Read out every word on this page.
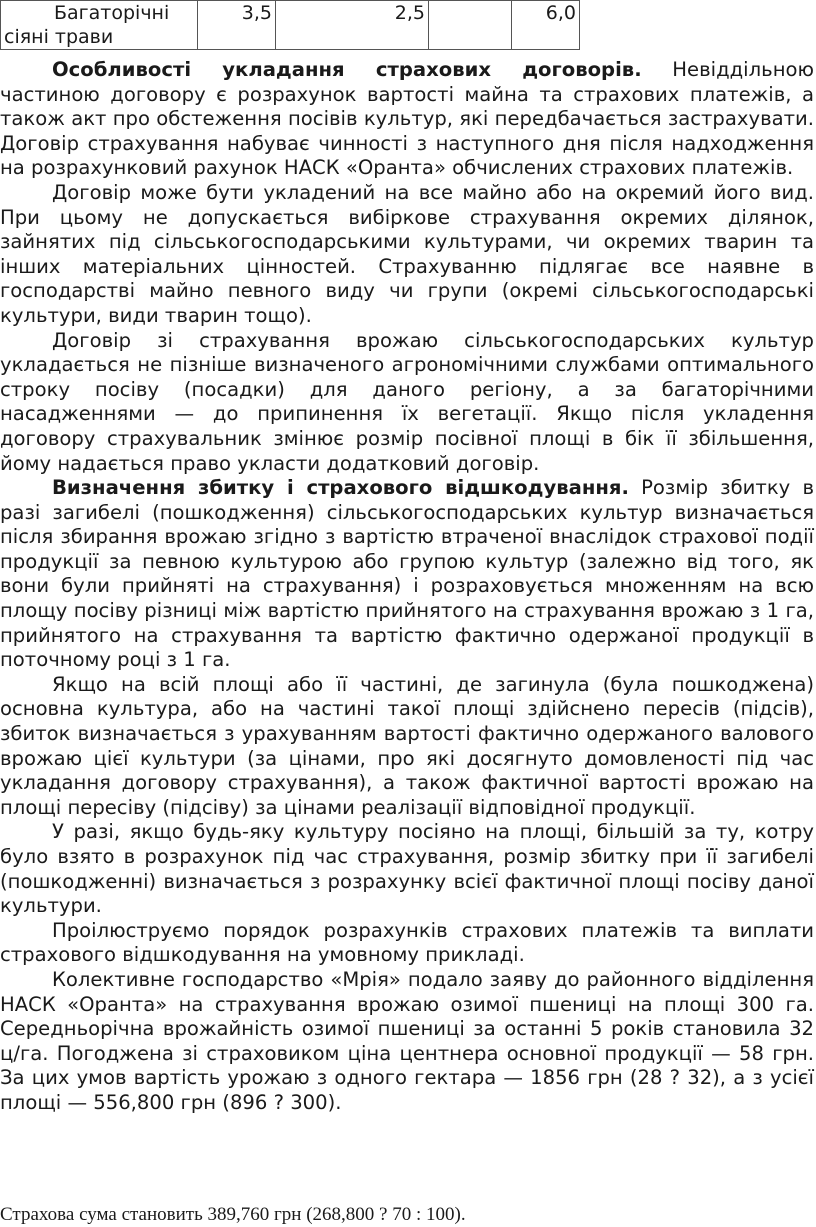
Багаторічні
сіяні трави
	3,5	2,5		6,0

Особливості укладання страхових договорів. Невіддільною частиною договору є розрахунок вартості майна та страхових платежів, а також акт про обстеження посівів культур, які передбачається застрахувати. Договір страхування набуває чинності з наступного дня після надходження на розрахунковий рахунок НАСК «Оранта» обчислених страхових платежів.

Договір може бути укладений на все майно або на окремий його вид. При цьому не допускається вибіркове страхування окремих ділянок, зайнятих під сільськогосподарськими культурами, чи окремих тварин та інших матеріальних цінностей. Страхуванню підлягає все наявне в господарстві майно певного виду чи групи (окремі сільськогосподарські культури, види тварин тощо).

Договір зі страхування врожаю сільськогосподарських культур укладається не пізніше визначеного агрономічними службами оптимального строку посіву (посадки) для даного регіону, а за багаторічними насадженнями — до припинення їх вегетації. Якщо після укладення договору страхувальник змінює розмір посівної площі в бік її збільшення, йому надається право укласти додатковий договір.

Визначення збитку і страхового відшкодування. Розмір збитку в разі загибелі (пошкодження) сільськогосподарських культур визначається після збирання врожаю згідно з вартістю втраченої внаслідок страхової події продукції за певною культурою або групою культур (залежно від того, як вони були прийняті на страхування) і розраховується множенням на всю площу посіву різниці між вартістю прийнятого на страхування врожаю з 1 га, прийнятого на страхування та вартістю фактично одержаної продукції в поточному році з 1 га.

Якщо на всій площі або її частині, де загинула (була пошкоджена) основна культура, або на частині такої площі здійснено пересів (підсів), збиток визначається з урахуванням вартості фактично одержаного валового врожаю цієї культури (за цінами, про які досягнуто домовленості під час укладання договору страхування), а також фактичної вартості врожаю на площі пересіву (підсіву) за цінами реалізації відповідної продукції.

У разі, якщо будь-яку культуру посіяно на площі, більшій за ту, котру було взято в розрахунок під час страхування, розмір збитку при її загибелі (пошкодженні) визначається з розрахунку всієї фактичної площі посіву даної культури.

Проілюструємо порядок розрахунків страхових платежів та виплати страхового відшкодування на умовному прикладі.

Колективне господарство «Мрія» подало заяву до районного відділення НАСК «Оранта» на страхування врожаю озимої пшениці на площі 300 га. Середньорічна врожайність озимої пшениці за останні 5 років становила 32 ц/га. Погоджена зі страховиком ціна центнера основної продукції — 58 грн. За цих умов вартість урожаю з одного гектара — 1856 грн (28 ? 32), а з усієї площі — 556,800 грн (896 ? 300).

Страхова сума становить 389,760 грн (268,800 ? 70 : 100).
